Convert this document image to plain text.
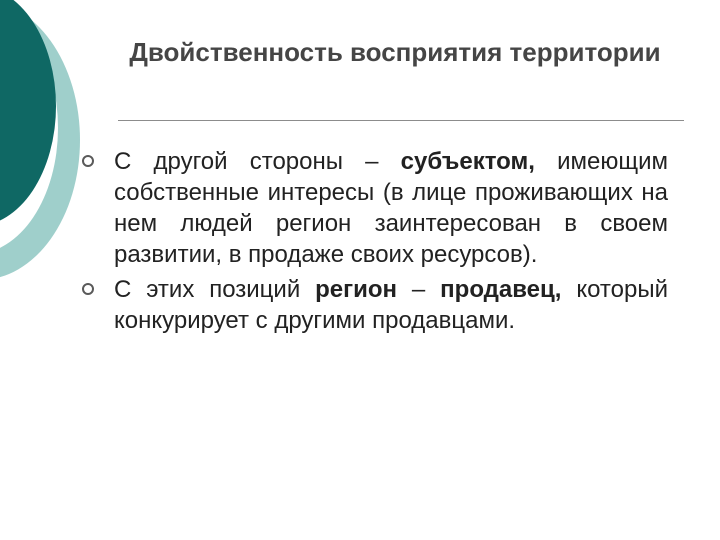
Двойственность восприятия территории
С другой стороны – субъектом, имеющим собственные интересы (в лице проживающих на нем людей регион заинтересован в своем развитии, в продаже своих ресурсов).
С этих позиций регион – продавец, который конкурирует с другими продавцами.
